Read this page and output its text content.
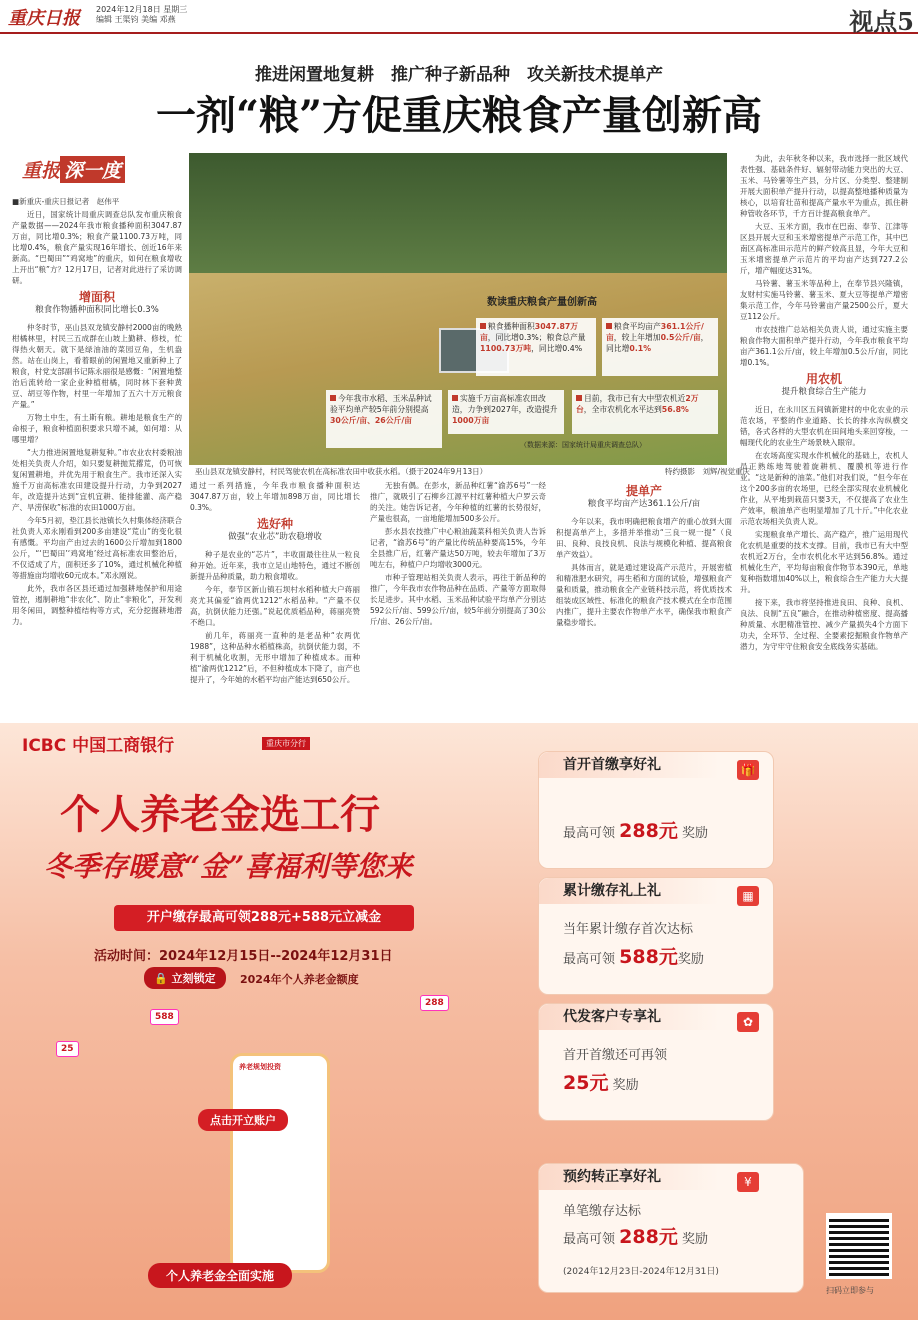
重庆日报 2024年12月18日 星期三
编辑 王渠钧 美编 邓燕	视点5
推进闲置地复耕　推广种子新品种　攻关新技术提单产
一剂“粮”方促重庆粮食产量创新高
重报 深一度

■新重庆-重庆日报记者　赵伟平

近日，国家统计局重庆调查总队发布重庆粮食产量数据——2024年我市粮食播种面积3047.87万亩，同比增0.3%；粮食产量1100.73万吨，同比增0.4%，粮食产量实现16年增长、创近16年来新高。“巴蜀田”“鸡窝地”的重庆，如何在粮食增收上开出“粮”方？12月17日，记者对此进行了采访调研。

增面积
粮食作物播种面积同比增长0.3%

仲冬时节，巫山县双龙镇安静村2000亩的晚熟柑橘林里，村民三五成群在山坡上勤耕、修枝，忙得热火朝天。就下是绿油油的菜园豆角，生机盎然。站在山岗上，看着眼前的闲置地又重新种上了粮食，村党支部副书记陈永丽很是感慨：“闲置地整治后流转给一家企业种植柑橘，同时林下套种黄豆、胡豆等作物，村里一年增加了五六十万元粮食产量。”

万物土中生，有土斯有粮。耕地是粮食生产的命根子，粮食种植面积要求只增不减，如何增：从哪里增？

“大力推进闲置地复耕复种。”市农业农村委粮油处相关负责人介绍，如只要复耕抛荒撂荒，仍可恢复闲置耕地，并优先用于粮食生产。我市还深入实施千万亩高标准农田建设提升行动，力争到2027年，改造提升达到“宜机宜耕、能排能灌、高产稳产、旱涝保收”标准的农田1000万亩。

今年5月初，垫江县长池镇长久村集体经济联合社负责人邓永刚看到200多亩建设“荒山”的变化很有感慨。平均亩产由过去的1600公斤增加到1800公斤，“‘巴蜀田’‘鸡窝地’经过高标准农田整治后，不仅适成了片，面积还多了10%，通过机械化种植等措施亩均增收60元成本。”邓永刚说。

此外，我市各区县还通过加强耕地保护和用途管控，遏制耕地“非农化”、防止“非粮化”，开发利用冬闲田，调整种植结构等方式，充分挖掘耕地潜力。

数读重庆粮食产量创新高
粮食播种面积3047.87万亩，同比增0.3%；粮食总产量1100.73万吨，同比增0.4%
粮食平均亩产361.1公斤/亩，较上年增加0.5公斤/亩，同比增0.1%
今年我市水稻、玉米品种试验平均单产较5年前分别提高30公斤/亩、26公斤/亩
实施千万亩高标准农田改造，力争到2027年，改造提升1000万亩
目前，我市已有大中型农机近2万台，全市农机化水平达到56.8%
（数据来源：国家统计局重庆调查总队）
巫山县双龙镇安静村，村民驾驶农机在高标准农田中收获水稻。（摄于2024年9月13日）	特约摄影　刘辉/视觉重庆

通过一系列措施，今年我市粮食播种面积达3047.87万亩，较上年增加898万亩，同比增长0.3%。

选好种
做强“农业芯”助农稳增收

种子是农业的“芯片”，丰收面最往往从一粒良种开始。近年来，我市立足山地特色，通过不断创新提升品种质量，助力粮食增收。

今年，奉节区新山镇石坝村水稻种植大户蒋丽亮尤其偏爱“渝两优1212”水稻品种。“产量不仅高，抗倒伏能力还强。”说起优质稻品种，蒋丽亮赞不绝口。

前几年，蒋丽亮一直种的是老品种“农两优1988”，这种品种水稻植株高，抗倒伏能力弱，不利于机械化收割，无形中增加了种植成本。而种植“渝两优1212”后，不但种植成本下降了，亩产也提升了，今年她的水稻平均亩产能达到650公斤。

无独有偶。在彭水，新品种红薯“渝苏6号”一经推广，就吸引了石柳乡江源平村红薯种植大户罗云奇的关注。她告诉记者，今年种植的红薯的长势很好，产量也很高，一亩地能增加500多公斤。

彭水县农技推广中心粮油蔬菜科相关负责人告诉记者，“渝苏6号”的产量比传统品种要高15%，今年全县推广后，红薯产量达50万吨，较去年增加了3万吨左右，种植户户均增收3000元。

市种子管理站相关负责人表示，再往于新品种的推广，今年我市农作物品种在品质、产量等方面取得长足进步。其中水稻、玉米品种试验平均单产分别达592公斤/亩、599公斤/亩，较5年前分别提高了30公斤/亩、26公斤/亩。

提单产
粮食平均亩产达361.1公斤/亩

今年以来，我市明确把粮食增产的重心放到大面积提高单产上，多措并举推动“三良一规一提”（良田、良种、良技良机、良法与规模化种植、提高粮食单产效益）。

具体而言，就是通过建设高产示范片，开展密植和精准肥水研究，再生稻和方面的试验，增强粮食产量和质量，推动粮食全产业链科技示范，将优质技术组装成区域性、标准化的粮食产技术模式在全市范围内推广，提升主要农作物单产水平，确保我市粮食产量稳步增长。

为此，去年秋冬种以来，我市选择一批区域代表性强、基础条件好、辐射带动能力突出的大豆、玉米、马铃薯等生产县，分片区、分类型、整建制开展大面积单产提升行动，以提高整地播种质量为核心，以培育壮苗和提高产量水平为重点，抓住耕种管收各环节，千方百计提高粮食单产。

大豆、玉米方面，我市在巴南、奉节、江津等区县开展大豆和玉米增密提单产示范工作，其中巴南区高标准田示范片的鲜产较高且显，今年大豆和玉米增密提单产示范片的平均亩产达到727.2公斤，增产幅度达31%。

马铃薯、薯玉米等品种上，在奉节县兴隆镇，友财村实施马铃薯、薯玉米、夏大豆等提单产增密集示范工作，今年马铃薯亩产量2500公斤，夏大豆112公斤。

市农技推广总站相关负责人说，通过实施主要粮食作物大面积单产提升行动，今年我市粮食平均亩产361.1公斤/亩，较上年增加0.5公斤/亩，同比增0.1%。

用农机
提升粮食综合生产能力

近日，在永川区五间镇新建村的中化农业的示范农场，平整的作业道路、长长的排水沟纵横交错，各式各样的大型农机在田间地头来回穿梭，一幅现代化的农业生产场景映入眼帘。

在农场高度实现水作机械化的基础上，农机人员正熟练地驾驶着旋耕机、覆膜机等进行作业。“这是新种的油菜。”他们对我们说，“但今年在这个200多亩的农场里，已经全部实现农业机械化作业，从平地到栽苗只要3天，不仅提高了农业生产效率，粮油单产也明显增加了几十斤。”中化农业示范农场相关负责人说。

实现粮食单产增长、高产稳产，推广运用现代化农机是重要的技术支撑。目前，我市已有大中型农机近2万台，全市农机化水平达到56.8%。通过机械化生产，平均每亩粮食作物节本390元，单地复种指数增加40%以上，粮食综合生产能力大大提升。

接下来，我市将坚持推进良田、良种、良机、良法、良制“五良”融合，在推动种植密度、提高播种质量、水肥精准管控、减少产量损失4个方面下功夫，全环节、全过程、全要素挖掘粮食作物单产潜力，为守牢守住粮食安全底线务实基础。

ICBC 中国工商银行	重庆市分行
个人养老金选工行
冬季存暖意“金”喜福利等您来
开户缴存最高可领288元+588元立减金
活动时间：2024年12月15日--2024年12月31日
🔒 立刻锁定	2024年个人养老金额度
588
288
25
养老规划投资
点击开立账户
个人养老金全面实施
首开首缴享好礼	🎁
最高可领 288元 奖励
累计缴存礼上礼	▦
当年累计缴存首次达标
最高可领 588元奖励
代发客户专享礼	✿
首开首缴还可再领
25元 奖励
预约转正享好礼	¥
单笔缴存达标
最高可领 288元 奖励
(2024年12月23日-2024年12月31日)
扫码立即参与
